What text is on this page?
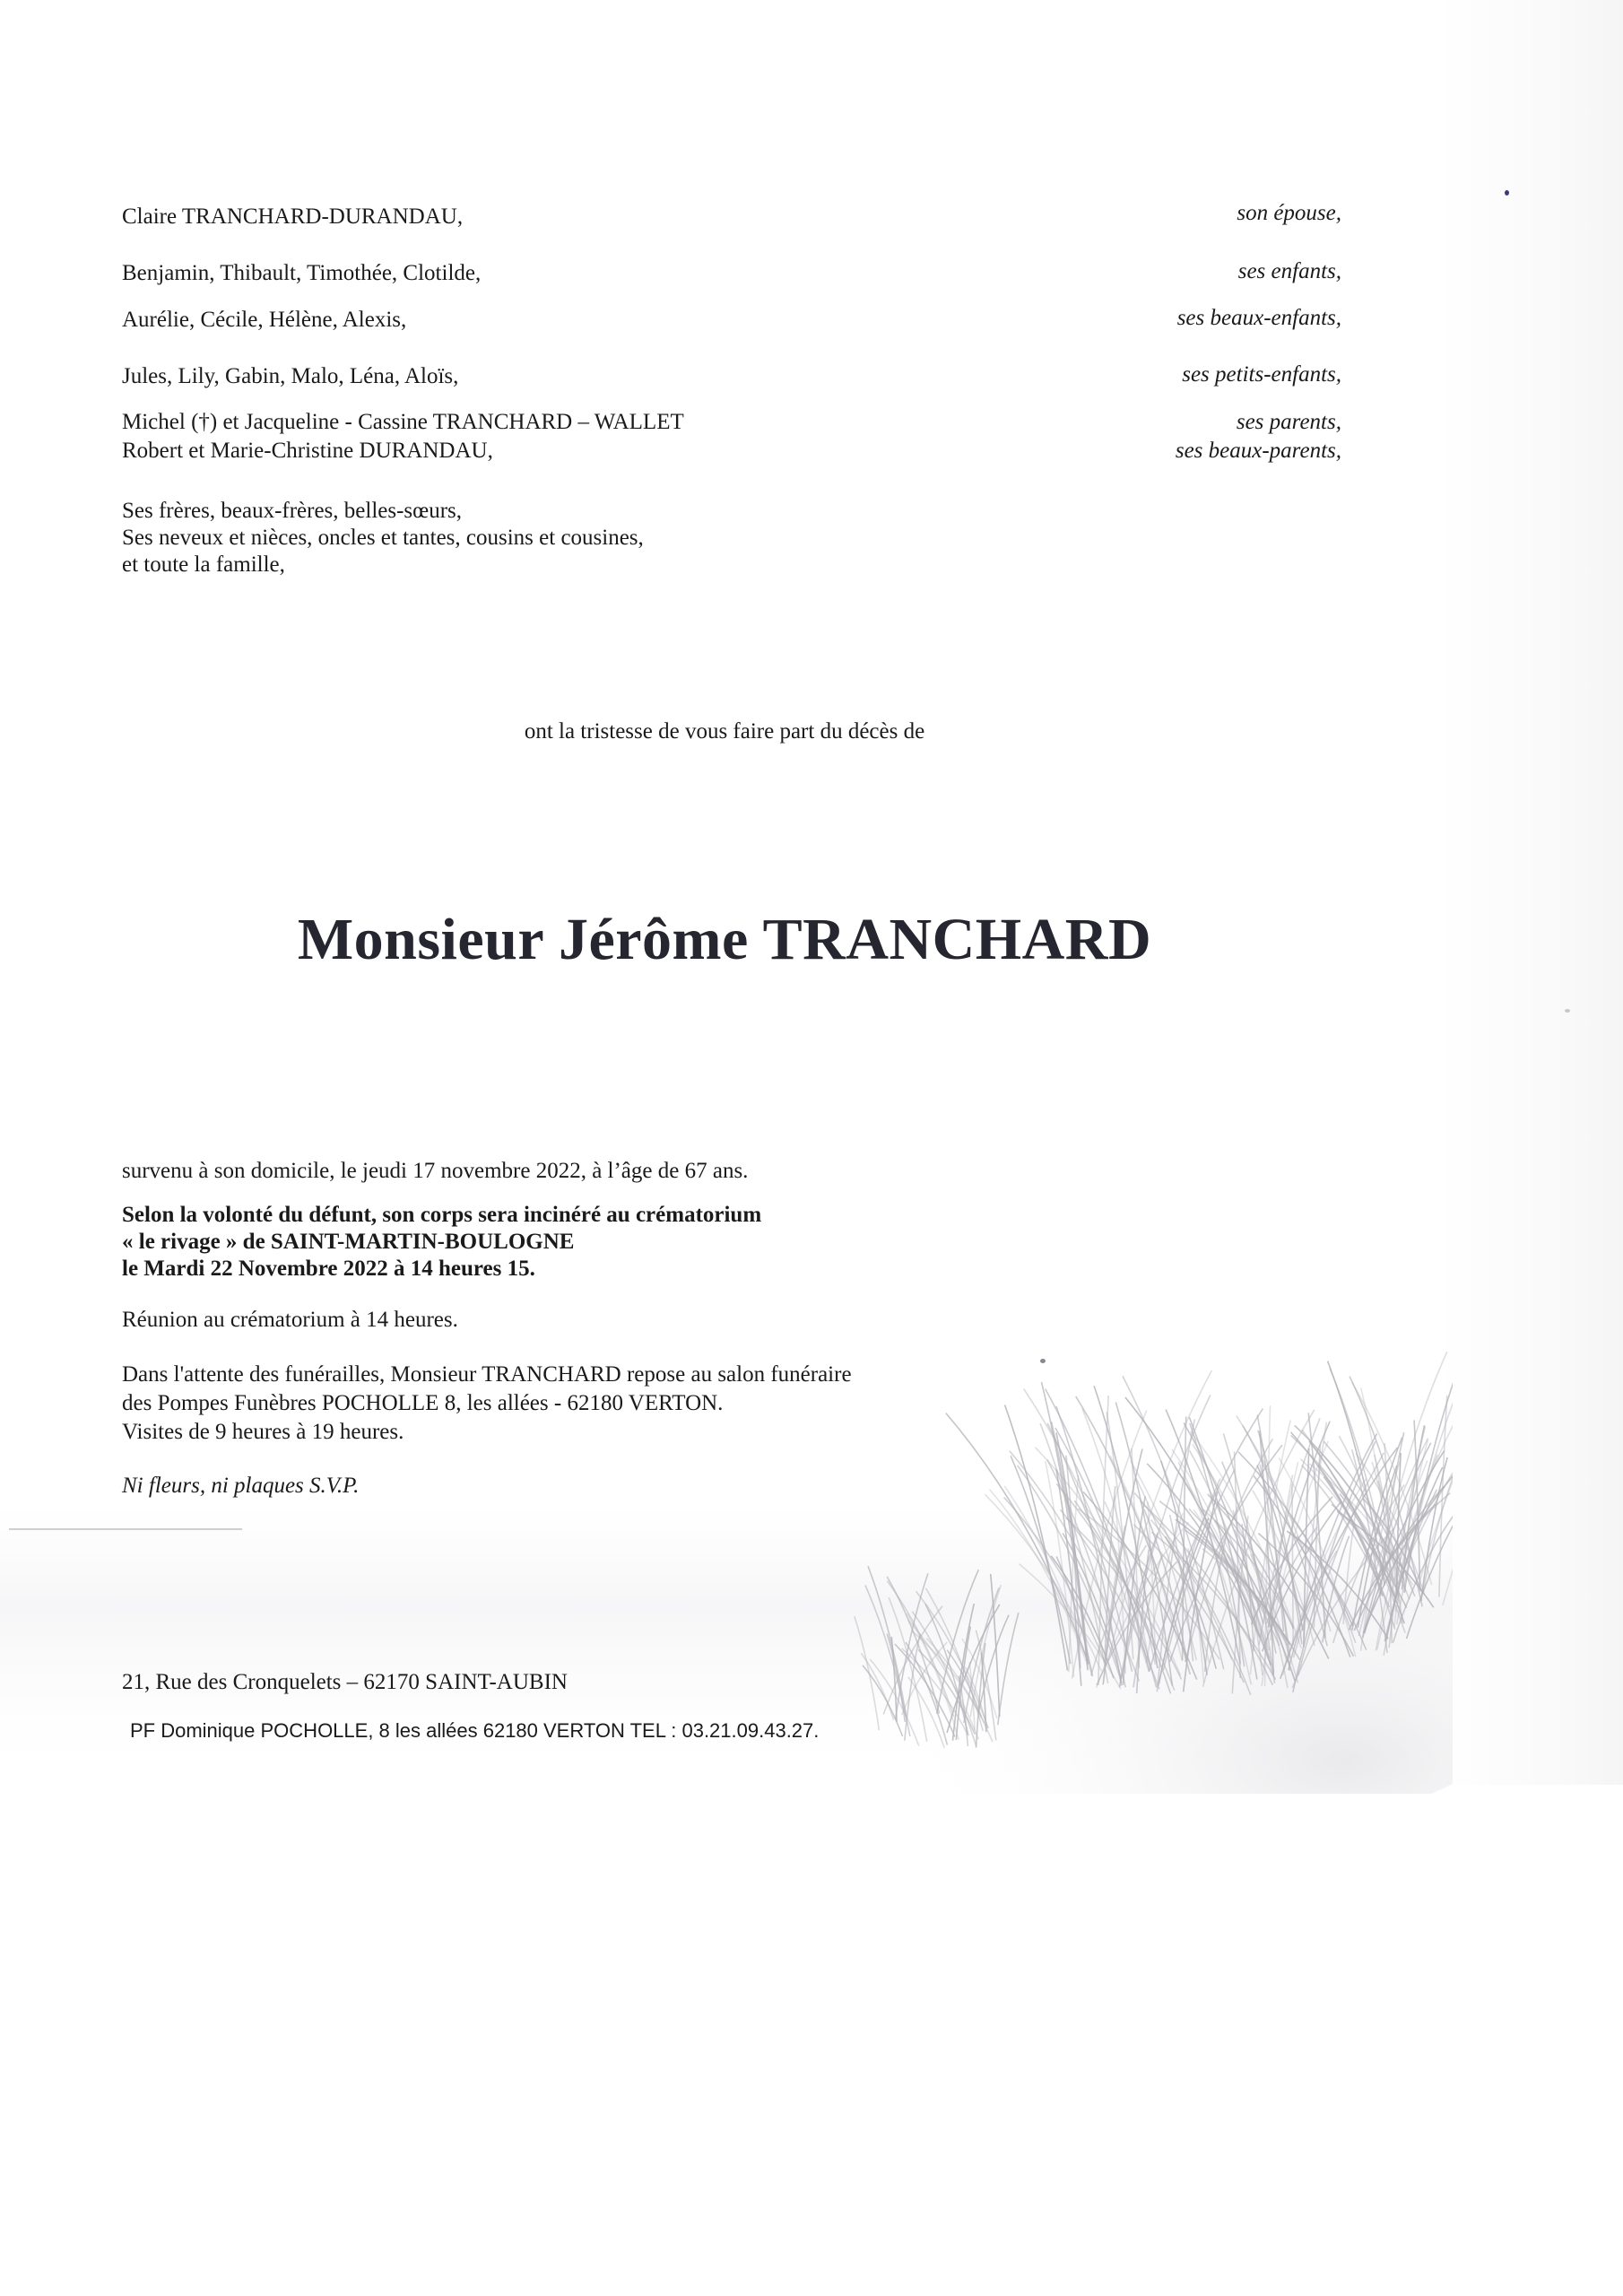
Claire TRANCHARD-DURANDAU,	son épouse,
Benjamin, Thibault, Timothée, Clotilde,	ses enfants,
Aurélie, Cécile, Hélène, Alexis,	ses beaux-enfants,
Jules, Lily, Gabin, Malo, Léna, Aloïs,	ses petits-enfants,
Michel (†) et Jacqueline - Cassine TRANCHARD – WALLET	ses parents,
Robert et Marie-Christine DURANDAU,	ses beaux-parents,
Ses frères, beaux-frères, belles-sœurs,
Ses neveux et nièces, oncles et tantes, cousins et cousines,
et toute la famille,
ont la tristesse de vous faire part du décès de
Monsieur Jérôme TRANCHARD
survenu à son domicile, le jeudi 17 novembre 2022, à l’âge de 67 ans.
Selon la volonté du défunt, son corps sera incinéré au crématorium
« le rivage » de SAINT-MARTIN-BOULOGNE
le Mardi 22 Novembre 2022 à 14 heures 15.
Réunion au crématorium à 14 heures.
Dans l'attente des funérailles, Monsieur TRANCHARD repose au salon funéraire
des Pompes Funèbres POCHOLLE 8, les allées - 62180 VERTON.
Visites de 9 heures à 19 heures.
Ni fleurs, ni plaques S.V.P.
21, Rue des Cronquelets – 62170 SAINT-AUBIN
PF Dominique POCHOLLE, 8 les allées 62180 VERTON TEL : 03.21.09.43.27.
